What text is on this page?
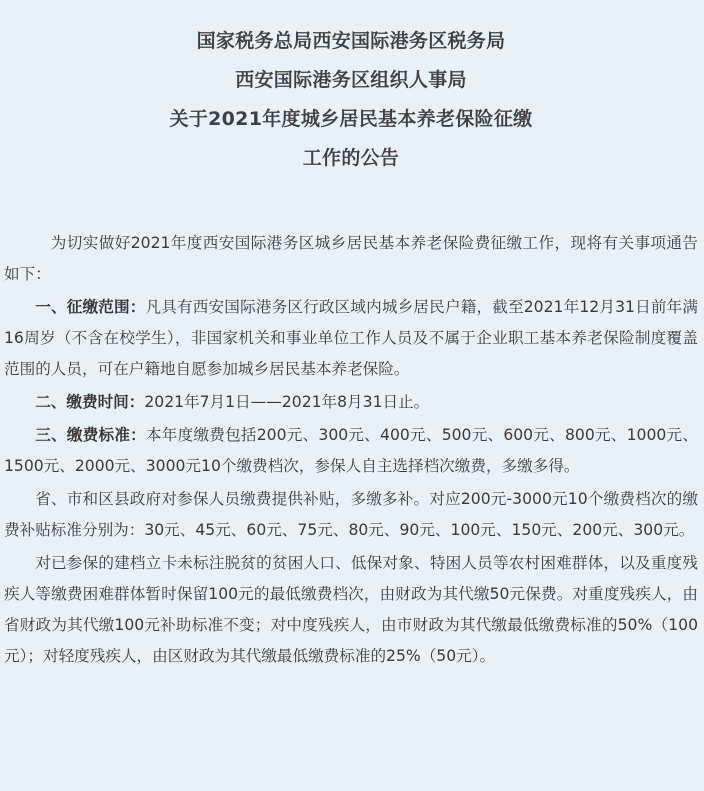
国家税务总局西安国际港务区税务局
西安国际港务区组织人事局
关于2021年度城乡居民基本养老保险征缴
工作的公告

为切实做好2021年度西安国际港务区城乡居民基本养老保险费征缴工作，现将有关事项通告如下：

一、征缴范围：凡具有西安国际港务区行政区域内城乡居民户籍，截至2021年12月31日前年满16周岁（不含在校学生），非国家机关和事业单位工作人员及不属于企业职工基本养老保险制度覆盖范围的人员，可在户籍地自愿参加城乡居民基本养老保险。

二、缴费时间：2021年7月1日——2021年8月31日止。

三、缴费标准：本年度缴费包括200元、300元、400元、500元、600元、800元、1000元、1500元、2000元、3000元10个缴费档次，参保人自主选择档次缴费，多缴多得。

省、市和区县政府对参保人员缴费提供补贴，多缴多补。对应200元-3000元10个缴费档次的缴费补贴标准分别为：30元、45元、60元、75元、80元、90元、100元、150元、200元、300元。

对已参保的建档立卡未标注脱贫的贫困人口、低保对象、特困人员等农村困难群体，以及重度残疾人等缴费困难群体暂时保留100元的最低缴费档次，由财政为其代缴50元保费。对重度残疾人，由省财政为其代缴100元补助标准不变；对中度残疾人，由市财政为其代缴最低缴费标准的50%（100元）；对轻度残疾人，由区财政为其代缴最低缴费标准的25%（50元）。
